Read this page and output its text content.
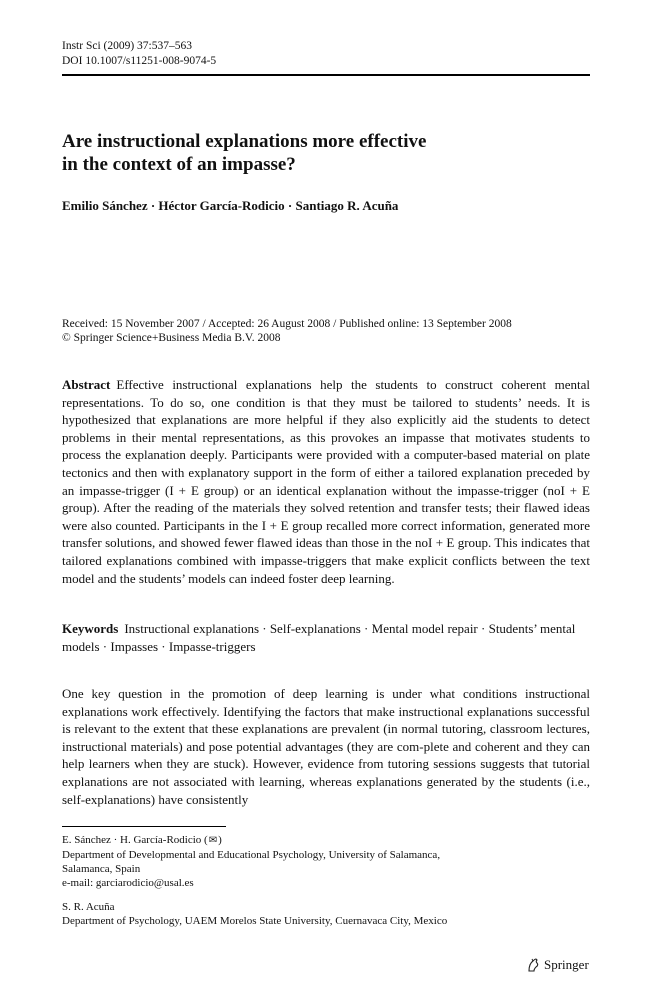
Instr Sci (2009) 37:537–563
DOI 10.1007/s11251-008-9074-5
Are instructional explanations more effective
in the context of an impasse?
Emilio Sánchez · Héctor García-Rodicio · Santiago R. Acuña
Received: 15 November 2007 / Accepted: 26 August 2008 / Published online: 13 September 2008
© Springer Science+Business Media B.V. 2008

Abstract Effective instructional explanations help the students to construct coherent mental representations. To do so, one condition is that they must be tailored to students’ needs. It is hypothesized that explanations are more helpful if they also explicitly aid the students to detect problems in their mental representations, as this provokes an impasse that motivates students to process the explanation deeply. Participants were provided with a computer-based material on plate tectonics and then with explanatory support in the form of either a tailored explanation preceded by an impasse-trigger (I + E group) or an identical explanation without the impasse-trigger (noI + E group). After the reading of the materials they solved retention and transfer tests; their flawed ideas were also counted. Participants in the I + E group recalled more correct information, generated more transfer solutions, and showed fewer flawed ideas than those in the noI + E group. This indicates that tailored explanations combined with impasse-triggers that make explicit conflicts between the text model and the students’ models can indeed foster deep learning.

Keywords Instructional explanations · Self-explanations · Mental model repair · Students’ mental models · Impasses · Impasse-triggers

One key question in the promotion of deep learning is under what conditions instructional explanations work effectively. Identifying the factors that make instructional explanations successful is relevant to the extent that these explanations are prevalent (in normal tutoring, classroom lectures, instructional materials) and pose potential advantages (they are com-plete and coherent and they can help learners when they are stuck). However, evidence from tutoring sessions suggests that tutorial explanations are not associated with learning, whereas explanations generated by the students (i.e., self-explanations) have consistently

E. Sánchez · H. García-Rodicio (✉)
Department of Developmental and Educational Psychology, University of Salamanca,
Salamanca, Spain
e-mail: garciarodicio@usal.es
S. R. Acuña
Department of Psychology, UAEM Morelos State University, Cuernavaca City, Mexico
Springer
